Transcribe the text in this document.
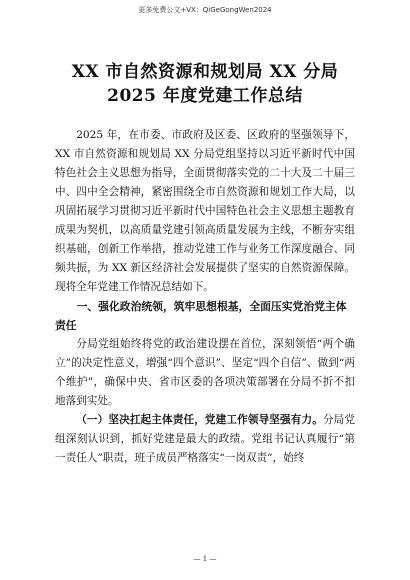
更多免费公文+VX：QiGeGongWen2024
XX 市自然资源和规划局 XX 分局 2025 年度党建工作总结

2025 年，在市委、市政府及区委、区政府的坚强领导下，XX 市自然资源和规划局 XX 分局党组坚持以习近平新时代中国特色社会主义思想为指导，全面贯彻落实党的二十大及二十届三中、四中全会精神，紧密围绕全市自然资源和规划工作大局，以巩固拓展学习贯彻习近平新时代中国特色社会主义思想主题教育成果为契机，以高质量党建引领高质量发展为主线，不断夯实组织基础，创新工作举措，推动党建工作与业务工作深度融合、同频共振，为 XX 新区经济社会发展提供了坚实的自然资源保障。现将全年党建工作情况总结如下。

一、强化政治统领，筑牢思想根基，全面压实党治党主体责任

分局党组始终将党的政治建设摆在首位，深刻领悟“两个确立”的决定性意义，增强“四个意识”、坚定“四个自信”、做到“两个维护”，确保中央、省市区委的各项决策部署在分局不折不扣地落到实处。

（一）坚决扛起主体责任，党建工作领导坚强有力。分局党组深刻认识到，抓好党建是最大的政绩。党组书记认真履行“第一责任人”职责，班子成员严格落实“一岗双责”，始终

— 1 —
